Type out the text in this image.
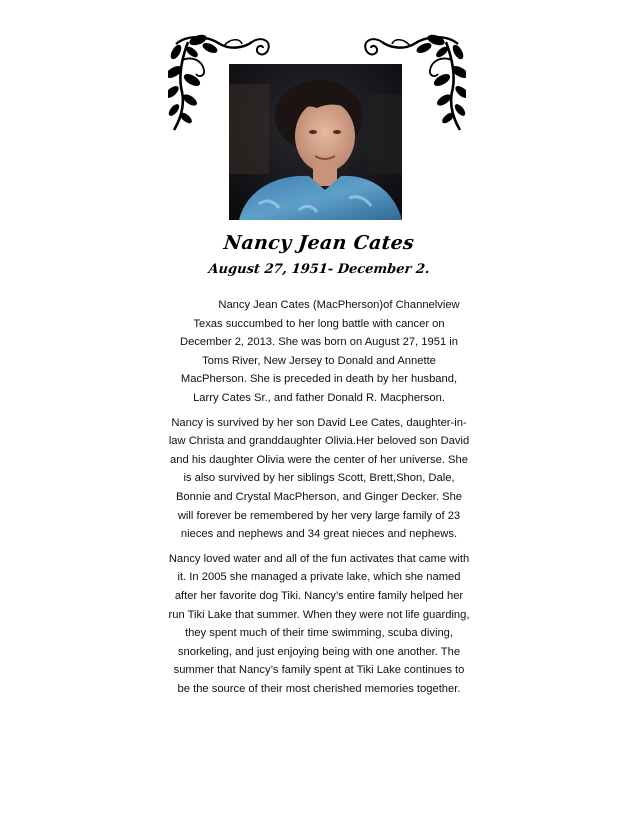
Nancy Jean Cates
August 27, 1951- December 2.

Nancy Jean Cates (MacPherson)of Channelview Texas succumbed to her long battle with cancer on December 2, 2013. She was born on August 27, 1951 in Toms River, New Jersey to Donald and Annette MacPherson. She is preceded in death by her husband, Larry Cates Sr., and father Donald R. Macpherson.

Nancy is survived by her son David Lee Cates, daughter-in-law Christa and granddaughter Olivia.Her beloved son David and his daughter Olivia were the center of her universe. She is also survived by her siblings Scott, Brett,Shon, Dale, Bonnie and Crystal MacPherson, and Ginger Decker. She will forever be remembered by her very large family of 23 nieces and nephews and 34 great nieces and nephews.

Nancy loved water and all of the fun activates that came with it. In 2005 she managed a private lake, which she named after her favorite dog Tiki. Nancy’s entire family helped her run Tiki Lake that summer. When they were not life guarding, they spent much of their time swimming, scuba diving, snorkeling, and just enjoying being with one another. The summer that Nancy’s family spent at Tiki Lake continues to be the source of their most cherished memories together.
